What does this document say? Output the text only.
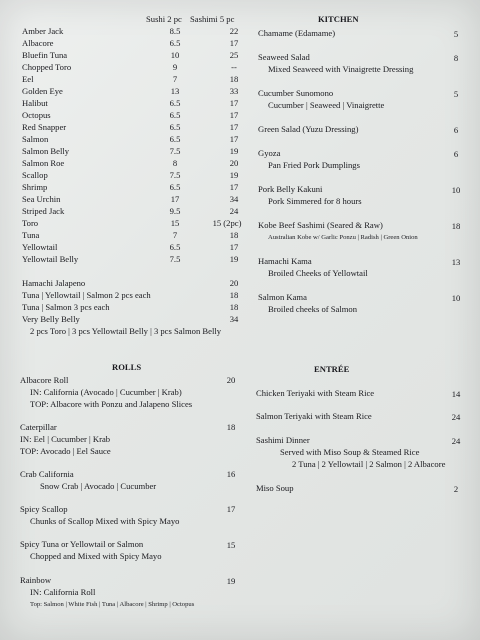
Sushi 2 pc Sashimi 5 pc
Amber Jack	8.5	22
Albacore	6.5	17
Bluefin Tuna	10	25
Chopped Toro	9	--
Eel	7	18
Golden Eye	13	33
Halibut	6.5	17
Octopus	6.5	17
Red Snapper	6.5	17
Salmon	6.5	17
Salmon Belly	7.5	19
Salmon Roe	8	20
Scallop	7.5	19
Shrimp	6.5	17
Sea Urchin	17	34
Striped Jack	9.5	24
Toro	15	15 (2pc)
Tuna	7	18
Yellowtail	6.5	17
Yellowtail Belly	7.5	19
Hamachi Jalapeno	20
Tuna | Yellowtail | Salmon 2 pcs each	18
Tuna | Salmon 3 pcs each	18
Very Belly Belly	34
2 pcs Toro | 3 pcs Yellowtail Belly | 3 pcs Salmon Belly
ROLLS
Albacore Roll	20
IN: California (Avocado | Cucumber | Krab)
TOP: Albacore with Ponzu and Jalapeno Slices
Caterpillar	18
IN: Eel | Cucumber | Krab
TOP: Avocado | Eel Sauce
Crab California	16
Snow Crab | Avocado | Cucumber
Spicy Scallop	17
Chunks of Scallop Mixed with Spicy Mayo
Spicy Tuna or Yellowtail or Salmon	15
Chopped and Mixed with Spicy Mayo
Rainbow	19
IN: California Roll
Top: Salmon | White Fish | Tuna | Albacore | Shrimp | Octopus
KITCHEN
Chamame (Edamame)	5
Seaweed Salad	8
Mixed Seaweed with Vinaigrette Dressing
Cucumber Sunomono	5
Cucumber | Seaweed | Vinaigrette
Green Salad (Yuzu Dressing)	6
Gyoza	6
Pan Fried Pork Dumplings
Pork Belly Kakuni	10
Pork Simmered for 8 hours
Kobe Beef Sashimi (Seared & Raw)	18
Australian Kobe w/ Garlic Ponzu | Radish | Green Onion
Hamachi Kama	13
Broiled Cheeks of Yellowtail
Salmon Kama	10
Broiled cheeks of Salmon
ENTRÉE
Chicken Teriyaki with Steam Rice	14
Salmon Teriyaki with Steam Rice	24
Sashimi Dinner	24
Served with Miso Soup & Steamed Rice
2 Tuna | 2 Yellowtail | 2 Salmon | 2 Albacore
Miso Soup	2
